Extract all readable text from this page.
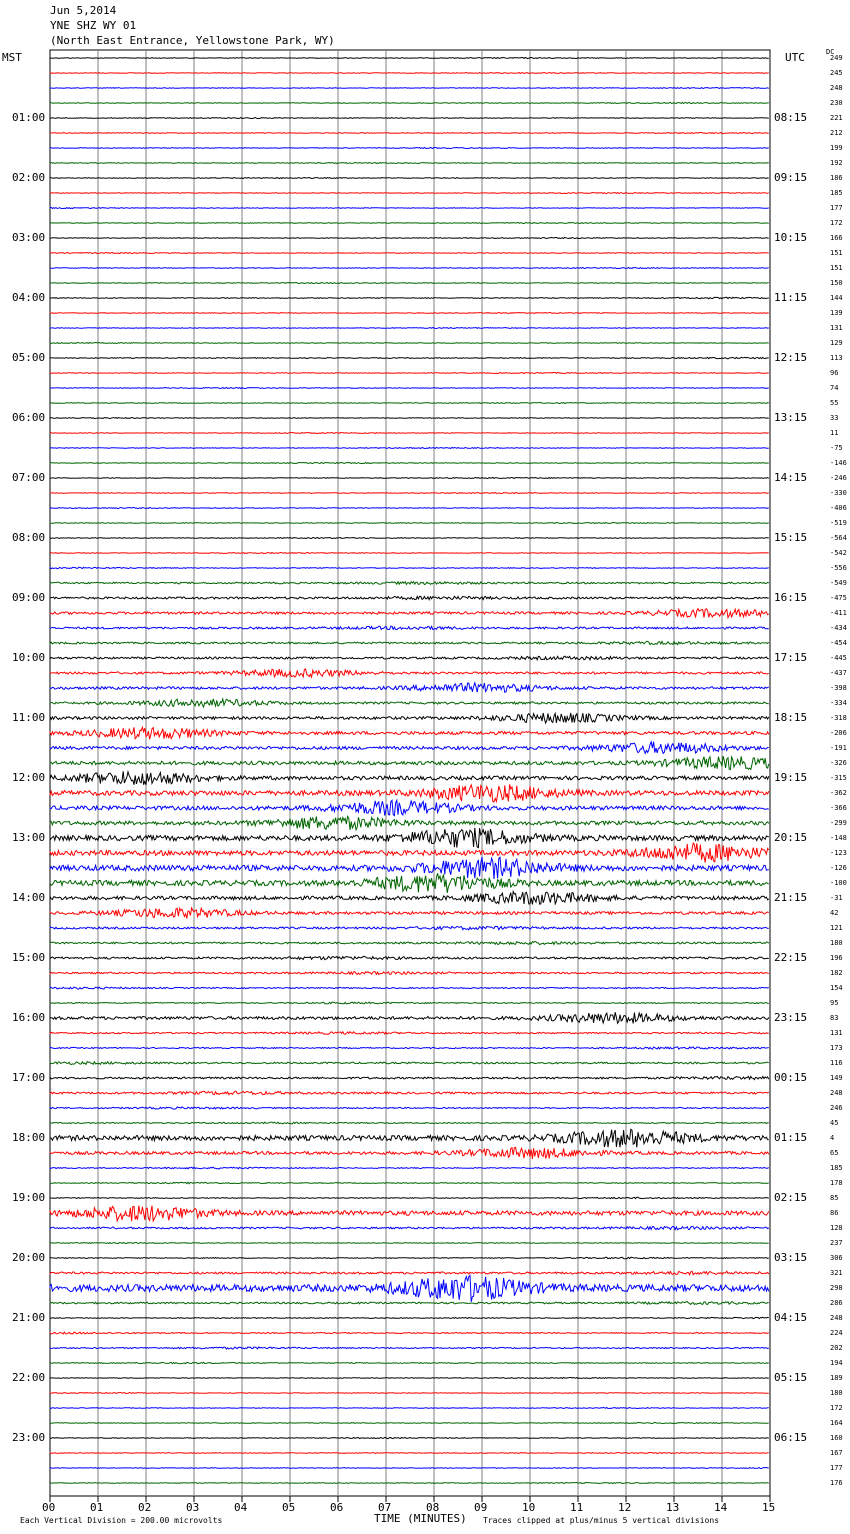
Jun 5,2014
YNE SHZ WY 01
(North East Entrance, Yellowstone Park, WY)
MST	UTC	DC
00	01	02	03	04	05	06	07	08	09	10	11	12	13	14	15
249
245
248
230
221
212
199
192
186
185
177
172
166
151
151
150
144
139
131
129
113
96
74
55
33
11
-75
-146
-246
-330
-406
-519
-564
-542
-556
-549
-475
-411
-434
-454
-445
-437
-398
-334
-318
-206
-191
-326
-315
-362
-366
-299
-148
-123
-126
-100
-31
42
121
180
196
182
154
95
83
131
173
116
149
248
246
45
4
65
185
178
85
86
128
237
306
321
298
286
248
224
202
194
189
180
172
164
160
167
177
176
01:00	08:15
02:00	09:15
03:00	10:15
04:00	11:15
05:00	12:15
06:00	13:15
07:00	14:15
08:00	15:15
09:00	16:15
10:00	17:15
11:00	18:15
12:00	19:15
13:00	20:15
14:00	21:15
15:00	22:15
16:00	23:15
17:00	00:15
18:00	01:15
19:00	02:15
20:00	03:15
21:00	04:15
22:00	05:15
23:00	06:15
Each Vertical Division = 200.00 microvolts	TIME (MINUTES) Traces clipped at plus/minus 5 vertical divisions
